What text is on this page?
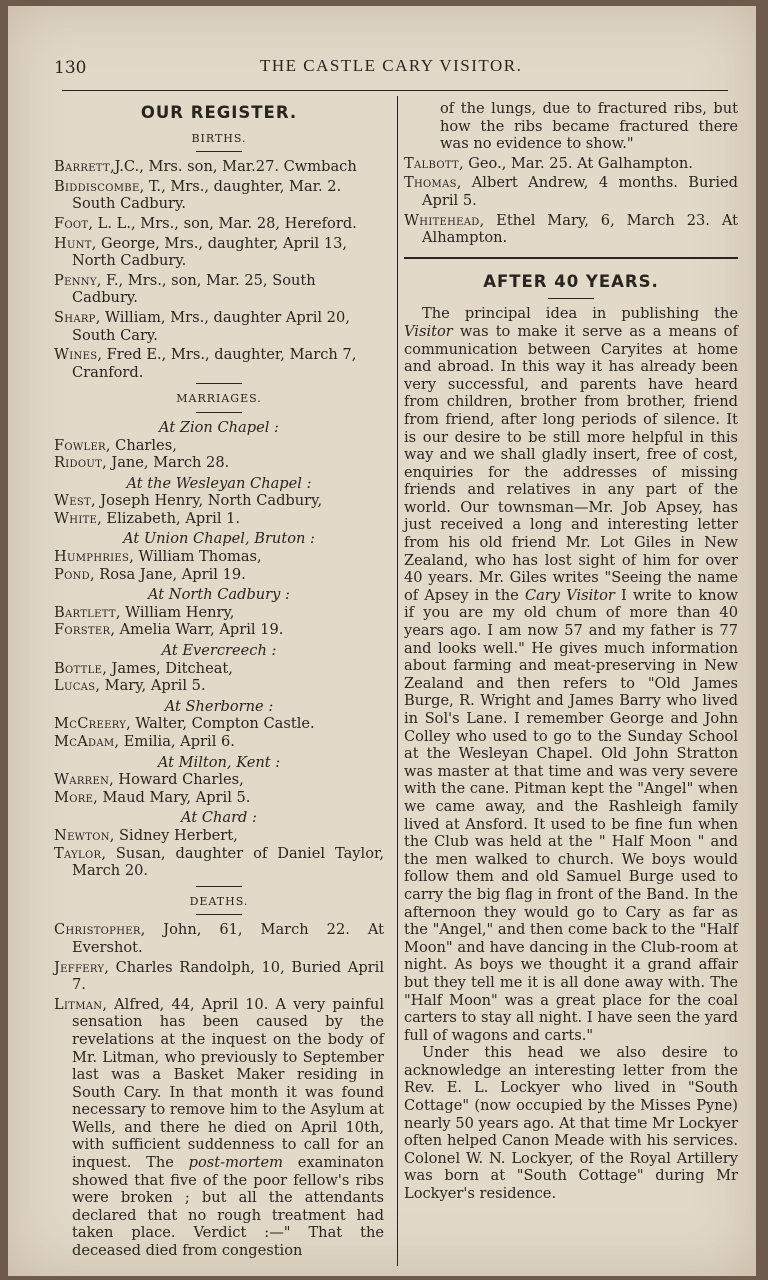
130	THE CASTLE CARY VISITOR.
OUR REGISTER.
BIRTHS.

Barrett,J.C., Mrs. son, Mar.27. Cwmbach

Biddiscombe, T., Mrs., daughter, Mar. 2. South Cadbury.

Foot, L. L., Mrs., son, Mar. 28, Hereford.

Hunt, George, Mrs., daughter, April 13, North Cadbury.

Penny, F., Mrs., son, Mar. 25, South Cadbury.

Sharp, William, Mrs., daughter April 20, South Cary.

Wines, Fred E., Mrs., daughter, March 7, Cranford.

MARRIAGES.
At Zion Chapel :

Fowler, Charles,

Ridout, Jane, March 28.

At the Wesleyan Chapel :

West, Joseph Henry, North Cadbury,

White, Elizabeth, April 1.

At Union Chapel, Bruton :

Humphries, William Thomas,

Pond, Rosa Jane, April 19.

At North Cadbury :

Bartlett, William Henry,

Forster, Amelia Warr, April 19.

At Evercreech :

Bottle, James, Ditcheat,

Lucas, Mary, April 5.

At Sherborne :

McCreery, Walter, Compton Castle.

McAdam, Emilia, April 6.

At Milton, Kent :

Warren, Howard Charles,

More, Maud Mary, April 5.

At Chard :

Newton, Sidney Herbert,

Taylor, Susan, daughter of Daniel Taylor, March 20.

DEATHS.

Christopher, John, 61, March 22. At Evershot.

Jeffery, Charles Randolph, 10, Buried April 7.

Litman, Alfred, 44, April 10. A very painful sensation has been caused by the revelations at the inquest on the body of Mr. Litman, who previously to September last was a Basket Maker residing in South Cary. In that month it was found necessary to remove him to the Asylum at Wells, and there he died on April 10th, with sufficient suddenness to call for an inquest. The post-mortem examinaton showed that five of the poor fellow's ribs were broken ; but all the attendants declared that no rough treatment had taken place. Verdict :—" That the deceased died from congestion

of the lungs, due to fractured ribs, but how the ribs became fractured there was no evidence to show."

Talbott, Geo., Mar. 25. At Galhampton.

Thomas, Albert Andrew, 4 months. Buried April 5.

Whitehead, Ethel Mary, 6, March 23. At Alhampton.

AFTER 40 YEARS.

The principal idea in publishing the Visitor was to make it serve as a means of communication between Caryites at home and abroad. In this way it has already been very successful, and parents have heard from children, brother from brother, friend from friend, after long periods of silence. It is our desire to be still more helpful in this way and we shall gladly insert, free of cost, enquiries for the addresses of missing friends and relatives in any part of the world. Our townsman—Mr. Job Apsey, has just received a long and interesting letter from his old friend Mr. Lot Giles in New Zealand, who has lost sight of him for over 40 years. Mr. Giles writes "Seeing the name of Apsey in the Cary Visitor I write to know if you are my old chum of more than 40 years ago. I am now 57 and my father is 77 and looks well." He gives much information about farming and meat-preserving in New Zealand and then refers to "Old James Burge, R. Wright and James Barry who lived in Sol's Lane. I remember George and John Colley who used to go to the Sunday School at the Wesleyan Chapel. Old John Stratton was master at that time and was very severe with the cane. Pitman kept the "Angel" when we came away, and the Rashleigh family lived at Ansford. It used to be fine fun when the Club was held at the " Half Moon " and the men walked to church. We boys would follow them and old Samuel Burge used to carry the big flag in front of the Band. In the afternoon they would go to Cary as far as the "Angel," and then come back to the "Half Moon" and have dancing in the Club-room at night. As boys we thought it a grand affair but they tell me it is all done away with. The "Half Moon" was a great place for the coal carters to stay all night. I have seen the yard full of wagons and carts."

Under this head we also desire to acknowledge an interesting letter from the Rev. E. L. Lockyer who lived in "South Cottage" (now occupied by the Misses Pyne) nearly 50 years ago. At that time Mr Lockyer often helped Canon Meade with his services. Colonel W. N. Lockyer, of the Royal Artillery was born at "South Cottage" during Mr Lockyer's residence.
